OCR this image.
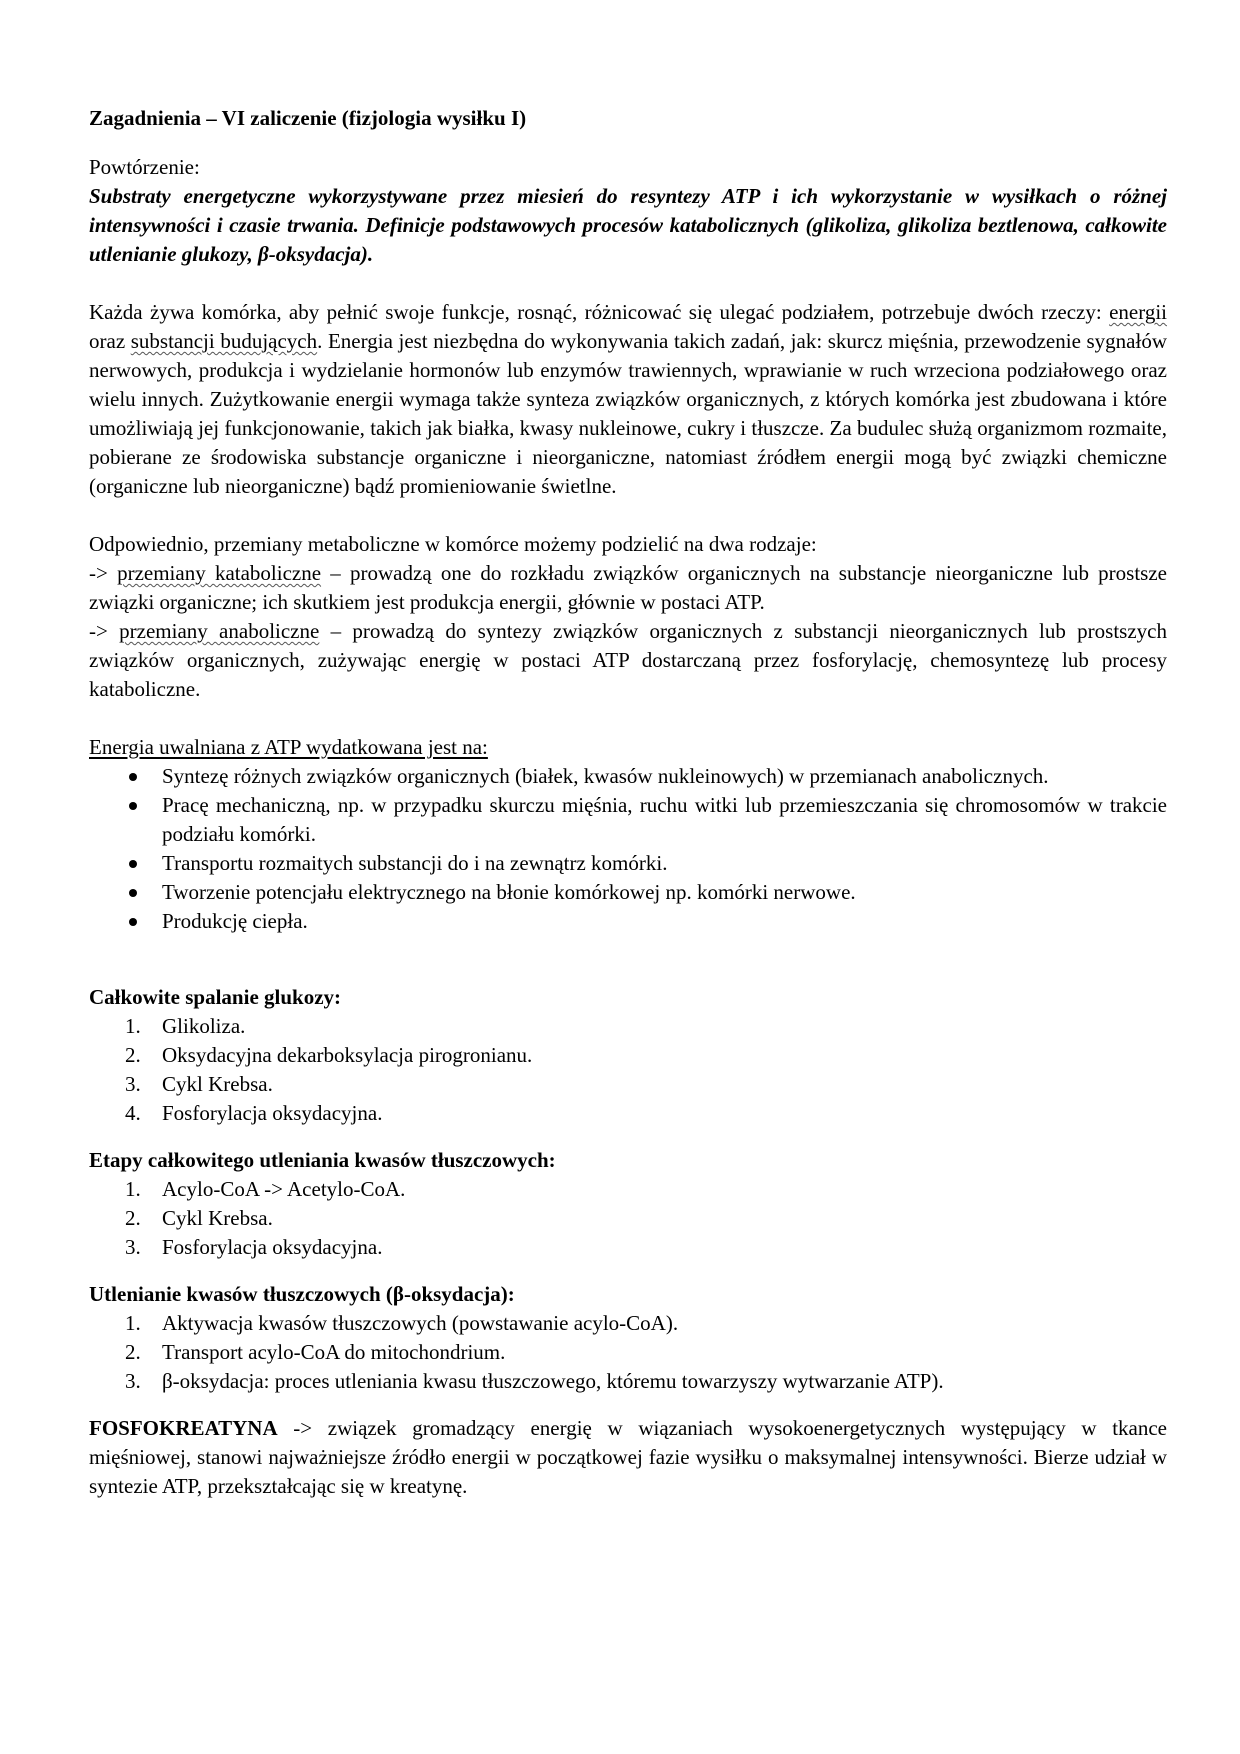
Zagadnienia – VI zaliczenie (fizjologia wysiłku I)

Powtórzenie:

Substraty energetyczne wykorzystywane przez miesień do resyntezy ATP i ich wykorzystanie w wysiłkach o różnej intensywności i czasie trwania. Definicje podstawowych procesów katabolicznych (glikoliza, glikoliza beztlenowa, całkowite utlenianie glukozy, β-oksydacja).

Każda żywa komórka, aby pełnić swoje funkcje, rosnąć, różnicować się ulegać podziałem, potrzebuje dwóch rzeczy: energii oraz substancji budujących. Energia jest niezbędna do wykonywania takich zadań, jak: skurcz mięśnia, przewodzenie sygnałów nerwowych, produkcja i wydzielanie hormonów lub enzymów trawiennych, wprawianie w ruch wrzeciona podziałowego oraz wielu innych. Zużytkowanie energii wymaga także synteza związków organicznych, z których komórka jest zbudowana i które umożliwiają jej funkcjonowanie, takich jak białka, kwasy nukleinowe, cukry i tłuszcze. Za budulec służą organizmom rozmaite, pobierane ze środowiska substancje organiczne i nieorganiczne, natomiast źródłem energii mogą być związki chemiczne (organiczne lub nieorganiczne) bądź promieniowanie świetlne.

Odpowiednio, przemiany metaboliczne w komórce możemy podzielić na dwa rodzaje:

-> przemiany kataboliczne – prowadzą one do rozkładu związków organicznych na substancje nieorganiczne lub prostsze związki organiczne; ich skutkiem jest produkcja energii, głównie w postaci ATP.

-> przemiany anaboliczne – prowadzą do syntezy związków organicznych z substancji nieorganicznych lub prostszych związków organicznych, zużywając energię w postaci ATP dostarczaną przez fosforylację, chemosyntezę lub procesy kataboliczne.

Energia uwalniana z ATP wydatkowana jest na:

Syntezę różnych związków organicznych (białek, kwasów nukleinowych) w przemianach anabolicznych.
Pracę mechaniczną, np. w przypadku skurczu mięśnia, ruchu witki lub przemieszczania się chromosomów w trakcie podziału komórki.
Transportu rozmaitych substancji do i na zewnątrz komórki.
Tworzenie potencjału elektrycznego na błonie komórkowej np. komórki nerwowe.
Produkcję ciepła.

Całkowite spalanie glukozy:

1. Glikoliza.
2. Oksydacyjna dekarboksylacja pirogronianu.
3. Cykl Krebsa.
4. Fosforylacja oksydacyjna.

Etapy całkowitego utleniania kwasów tłuszczowych:

1. Acylo-CoA -> Acetylo-CoA.
2. Cykl Krebsa.
3. Fosforylacja oksydacyjna.

Utlenianie kwasów tłuszczowych (β-oksydacja):

1. Aktywacja kwasów tłuszczowych (powstawanie acylo-CoA).
2. Transport acylo-CoA do mitochondrium.
3. β-oksydacja: proces utleniania kwasu tłuszczowego, któremu towarzyszy wytwarzanie ATP).

FOSFOKREATYNA -> związek gromadzący energię w wiązaniach wysokoenergetycznych występujący w tkance mięśniowej, stanowi najważniejsze źródło energii w początkowej fazie wysiłku o maksymalnej intensywności. Bierze udział w syntezie ATP, przekształcając się w kreatynę.
